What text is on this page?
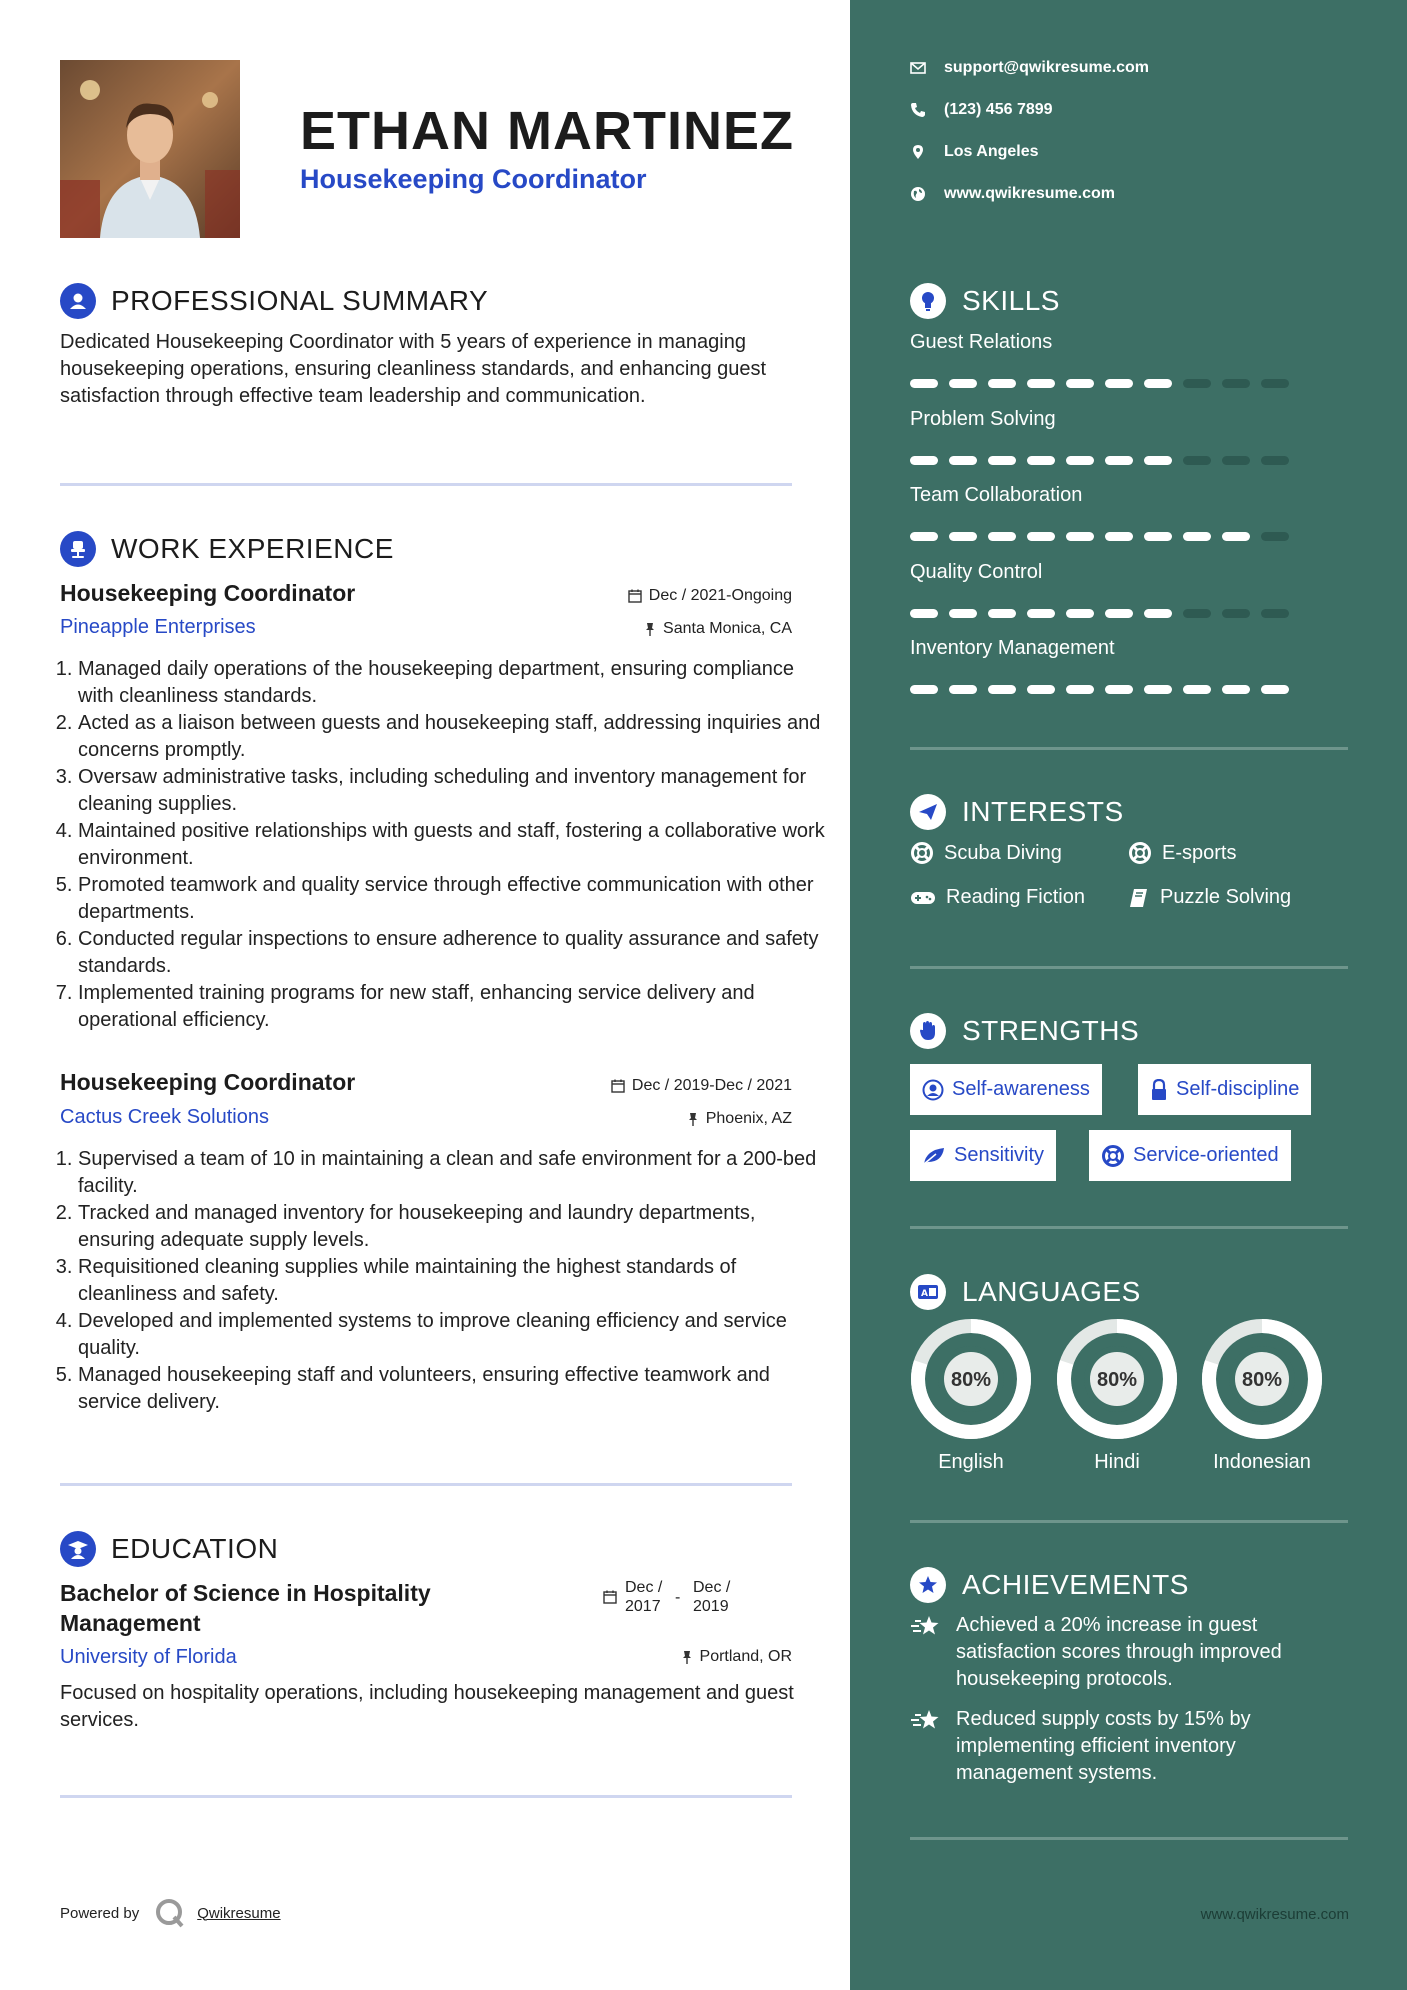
ETHAN MARTINEZ
Housekeeping Coordinator
PROFESSIONAL SUMMARY
Dedicated Housekeeping Coordinator with 5 years of experience in managing housekeeping operations, ensuring cleanliness standards, and enhancing guest satisfaction through effective team leadership and communication.
WORK EXPERIENCE
Housekeeping Coordinator	Dec / 2021-Ongoing
Pineapple Enterprises	Santa Monica, CA
1. Managed daily operations of the housekeeping department, ensuring compliance with cleanliness standards.
2. Acted as a liaison between guests and housekeeping staff, addressing inquiries and concerns promptly.
3. Oversaw administrative tasks, including scheduling and inventory management for cleaning supplies.
4. Maintained positive relationships with guests and staff, fostering a collaborative work environment.
5. Promoted teamwork and quality service through effective communication with other departments.
6. Conducted regular inspections to ensure adherence to quality assurance and safety standards.
7. Implemented training programs for new staff, enhancing service delivery and operational efficiency.
Housekeeping Coordinator	Dec / 2019-Dec / 2021
Cactus Creek Solutions	Phoenix, AZ
1. Supervised a team of 10 in maintaining a clean and safe environment for a 200-bed facility.
2. Tracked and managed inventory for housekeeping and laundry departments, ensuring adequate supply levels.
3. Requisitioned cleaning supplies while maintaining the highest standards of cleanliness and safety.
4. Developed and implemented systems to improve cleaning efficiency and service quality.
5. Managed housekeeping staff and volunteers, ensuring effective teamwork and service delivery.
EDUCATION
Bachelor of Science in Hospitality Management
Dec / 2017
-
Dec / 2019
University of Florida	Portland, OR
Focused on hospitality operations, including housekeeping management and guest services.
Powered by	Qwikresume
support@qwikresume.com
(123) 456 7899
Los Angeles
www.qwikresume.com
SKILLS
Guest Relations
Problem Solving
Team Collaboration
Quality Control
Inventory Management
INTERESTS
Scuba Diving	E-sports
Reading Fiction	Puzzle Solving
STRENGTHS
Self-awareness	Self-discipline
Sensitivity	Service-oriented
A LANGUAGES
80%
English
80%
Hindi
80%
Indonesian
ACHIEVEMENTS
Achieved a 20% increase in guest satisfaction scores through improved housekeeping protocols.
Reduced supply costs by 15% by implementing efficient inventory management systems.
www.qwikresume.com
